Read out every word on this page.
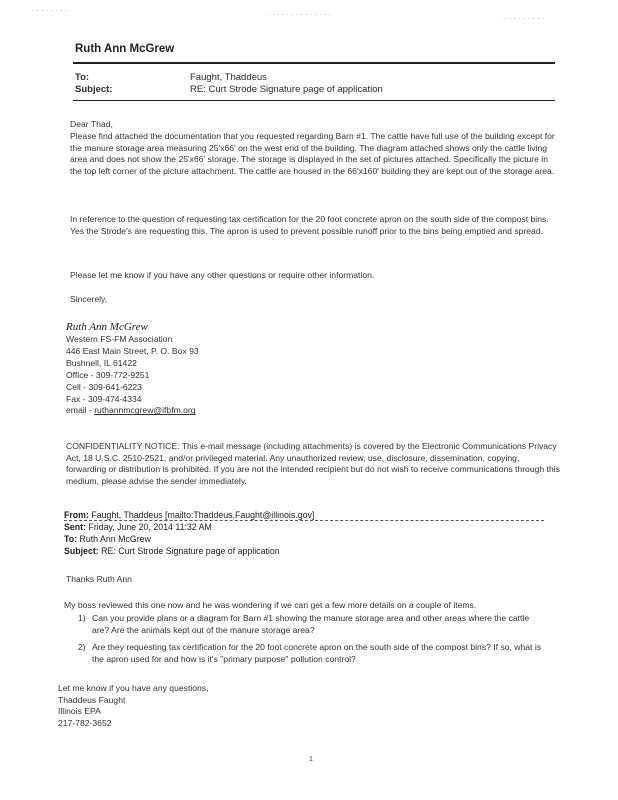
· · · · · · · ·
· · · · · · · · · · · · · ·
· · · · · · · · · ·
Ruth Ann McGrew
To:	Faught, Thaddeus
Subject:	RE: Curt Strode Signature page of application
Dear Thad,
Please find attached the documentation that you requested regarding Barn #1. The cattle have full use of the building except for the manure storage area measuring 25'x66' on the west end of the building. The diagram attached shows only the cattle living area and does not show the 25'x66' storage. The storage is displayed in the set of pictures attached. Specifically the picture in the top left corner of the picture attachment. The cattle are housed in the 66'x160' building they are kept out of the storage area.
In reference to the question of requesting tax certification for the 20 foot concrete apron on the south side of the compost bins. Yes the Strode's are requesting this. The apron is used to prevent possible runoff prior to the bins being emptied and spread.
Please let me know if you have any other questions or require other information.
Sincerely,
Ruth Ann McGrew
Western FS-FM Association
446 East Main Street, P. O. Box 93
Bushnell, IL 61422
Office - 309-772-9251
Cell - 309-641-6223
Fax - 309-474-4334
email - ruthannmcgrew@ifbfm.org
CONFIDENTIALITY NOTICE: This e-mail message (including attachments) is covered by the Electronic Communications Privacy Act, 18 U.S.C. 2510-2521, and/or privileged material. Any unauthorized review, use, disclosure, dissemination, copying, forwarding or distribution is prohibited. If you are not the intended recipient but do not wish to receive communications through this medium, please advise the sender immediately.
From: Faught, Thaddeus [mailto:Thaddeus.Faught@illinois.gov]
Sent: Friday, June 20, 2014 11:32 AM
To: Ruth Ann McGrew
Subject: RE: Curt Strode Signature page of application
Thanks Ruth Ann
My boss reviewed this one now and he was wondering if we can get a few more details on a couple of items.
1) Can you provide plans or a diagram for Barn #1 showing the manure storage area and other areas where the cattle are? Are the animals kept out of the manure storage area?
2) Are they requesting tax certification for the 20 foot concrete apron on the south side of the compost bins? If so, what is the apron used for and how is it's "primary purpose" pollution control?
Let me know if you have any questions,
Thaddeus Faught
Illinois EPA
217-782-3652
1
